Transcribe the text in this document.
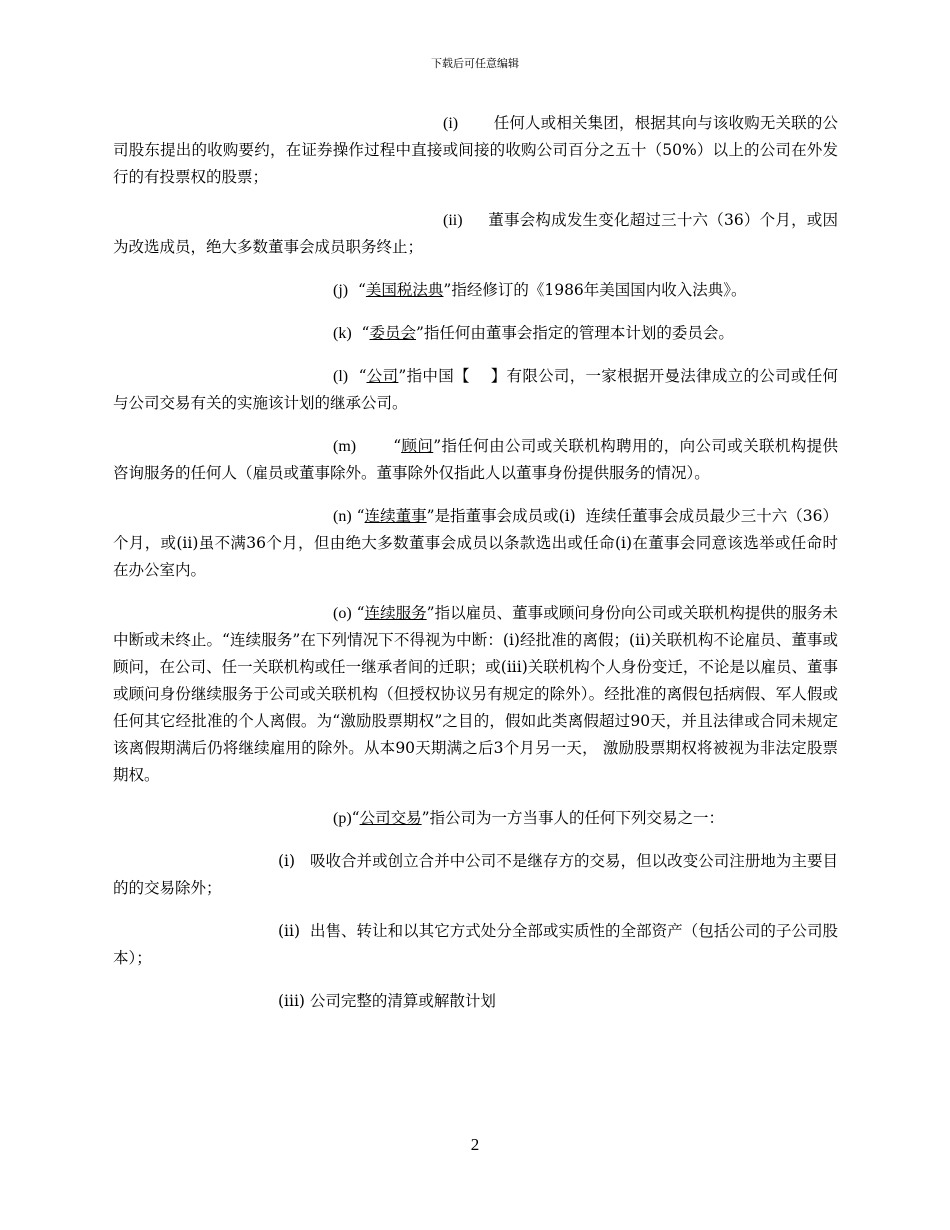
下载后可任意编辑

(i) 任何人或相关集团，根据其向与该收购无关联的公司股东提出的收购要约，在证券操作过程中直接或间接的收购公司百分之五十（50%）以上的公司在外发行的有投票权的股票；

(ii) 董事会构成发生变化超过三十六（36）个月，或因为改选成员，绝大多数董事会成员职务终止；

(j) “美国税法典”指经修订的《1986年美国国内收入法典》。

(k) “委员会”指任何由董事会指定的管理本计划的委员会。

(l) “公司”指中国【    】有限公司，一家根据开曼法律成立的公司或任何与公司交易有关的实施该计划的继承公司。

(m)       “顾问”指任何由公司或关联机构聘用的，向公司或关联机构提供咨询服务的任何人（雇员或董事除外。董事除外仅指此人以董事身份提供服务的情况）。

(n) “连续董事”是指董事会成员或(i)  连续任董事会成员最少三十六（36）个月，或(ii)虽不满36个月，但由绝大多数董事会成员以条款选出或任命(i)在董事会同意该选举或任命时在办公室内。

(o) “连续服务”指以雇员、董事或顾问身份向公司或关联机构提供的服务未中断或未终止。“连续服务”在下列情况下不得视为中断：(i)经批准的离假；(ii)关联机构不论雇员、董事或顾问，在公司、任一关联机构或任一继承者间的迁职；或(iii)关联机构个人身份变迁，不论是以雇员、董事或顾问身份继续服务于公司或关联机构（但授权协议另有规定的除外）。经批准的离假包括病假、军人假或任何其它经批准的个人离假。为“激励股票期权”之目的，假如此类离假超过90天，并且法律或合同未规定该离假期满后仍将继续雇用的除外。从本90天期满之后3个月另一天， 激励股票期权将被视为非法定股票期权。

(p)“公司交易”指公司为一方当事人的任何下列交易之一：

(i) 吸收合并或创立合并中公司不是继存方的交易，但以改变公司注册地为主要目的的交易除外；

(ii) 出售、转让和以其它方式处分全部或实质性的全部资产（包括公司的子公司股本）；

(iii) 公司完整的清算或解散计划

2
